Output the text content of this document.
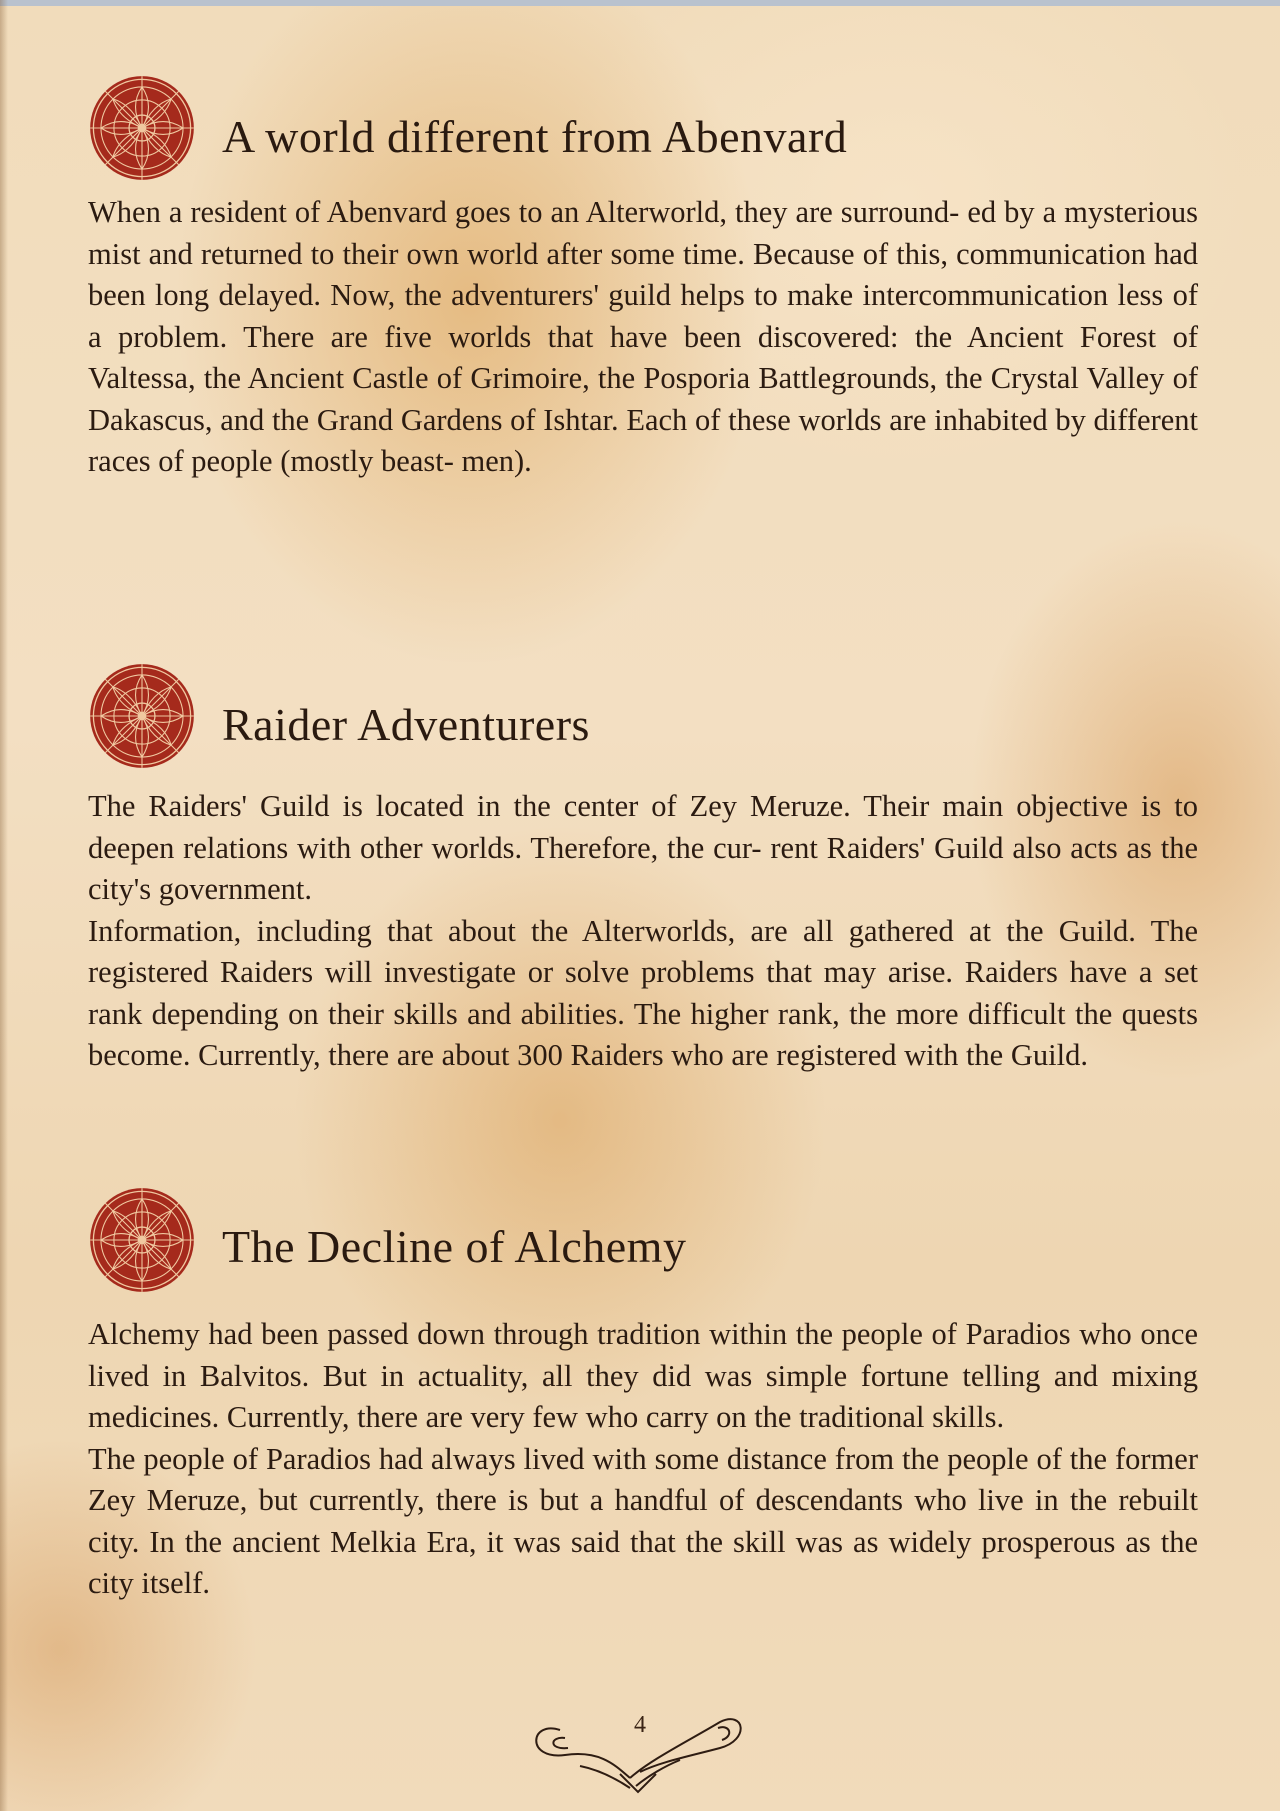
A world different from Abenvard

When a resident of Abenvard goes to an Alterworld, they are surround- ed by a mysterious mist and returned to their own world after some time. Because of this, communication had been long delayed. Now, the adventurers' guild helps to make intercommunication less of a problem. There are five worlds that have been discovered: the Ancient Forest of Valtessa, the Ancient Castle of Grimoire, the Posporia Battlegrounds, the Crystal Valley of Dakascus, and the Grand Gardens of Ishtar. Each of these worlds are inhabited by different races of people (mostly beast- men).

Raider Adventurers

The Raiders' Guild is located in the center of Zey Meruze. Their main objective is to deepen relations with other worlds. Therefore, the cur- rent Raiders' Guild also acts as the city's government.

Information, including that about the Alterworlds, are all gathered at the Guild. The registered Raiders will investigate or solve problems that may arise. Raiders have a set rank depending on their skills and abilities. The higher rank, the more difficult the quests become. Currently, there are about 300 Raiders who are registered with the Guild.

The Decline of Alchemy

Alchemy had been passed down through tradition within the people of Paradios who once lived in Balvitos. But in actuality, all they did was simple fortune telling and mixing medicines. Currently, there are very few who carry on the traditional skills.

The people of Paradios had always lived with some distance from the people of the former Zey Meruze, but currently, there is but a handful of descendants who live in the rebuilt city. In the ancient Melkia Era, it was said that the skill was as widely prosperous as the city itself.

4
